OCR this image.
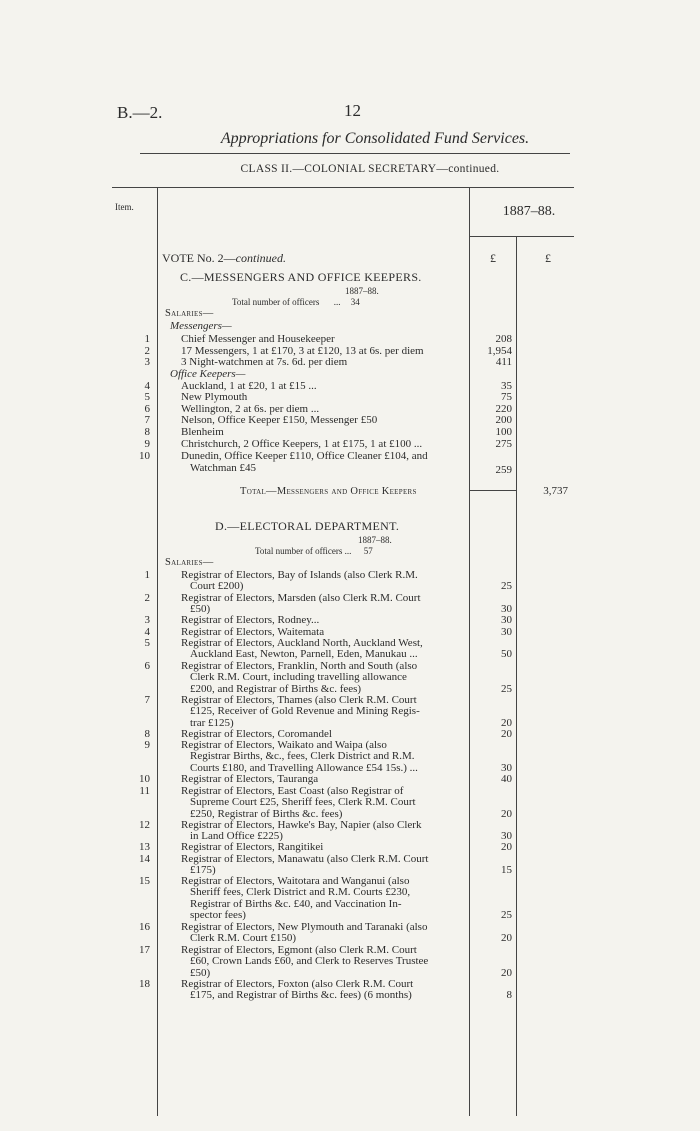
B.—2.	12
Appropriations for Consolidated Fund Services.
CLASS II.—COLONIAL SECRETARY—continued.
Item.	1887–88.
£	£
VOTE No. 2—continued.
C.—MESSENGERS AND OFFICE KEEPERS.
1887–88.
Total number of officers ... 34
Salaries—
Messengers—
Office Keepers—
1	Chief Messenger and Housekeeper	208
2	17 Messengers, 1 at £170, 3 at £120, 13 at 6s. per diem	1,954
3	3 Night-watchmen at 7s. 6d. per diem	411
4	Auckland, 1 at £20, 1 at £15 ...	35
5	New Plymouth	75
6	Wellington, 2 at 6s. per diem ...	220
7	Nelson, Office Keeper £150, Messenger £50	200
8	Blenheim	100
9	Christchurch, 2 Office Keepers, 1 at £175, 1 at £100 ...	275
10	Dunedin, Office Keeper £110, Office Cleaner £104, and
Watchman £45	259
Total—Messengers and Office Keepers	3,737
D.—ELECTORAL DEPARTMENT.
1887–88.
Total number of officers ... 57
Salaries—
1	Registrar of Electors, Bay of Islands (also Clerk R.M.
Court £200)	25
2	Registrar of Electors, Marsden (also Clerk R.M. Court
£50)	30
3	Registrar of Electors, Rodney...	30
4	Registrar of Electors, Waitemata	30
5	Registrar of Electors, Auckland North, Auckland West,
Auckland East, Newton, Parnell, Eden, Manukau ...	50
6	Registrar of Electors, Franklin, North and South (also
Clerk R.M. Court, including travelling allowance
£200, and Registrar of Births &c. fees)	25
7	Registrar of Electors, Thames (also Clerk R.M. Court
£125, Receiver of Gold Revenue and Mining Regis-
trar £125)	20
8	Registrar of Electors, Coromandel	20
9	Registrar of Electors, Waikato and Waipa (also
Registrar Births, &c., fees, Clerk District and R.M.
Courts £180, and Travelling Allowance £54 15s.) ...	30
10	Registrar of Electors, Tauranga	40
11	Registrar of Electors, East Coast (also Registrar of
Supreme Court £25, Sheriff fees, Clerk R.M. Court
£250, Registrar of Births &c. fees)	20
12	Registrar of Electors, Hawke's Bay, Napier (also Clerk
in Land Office £225)	30
13	Registrar of Electors, Rangitikei	20
14	Registrar of Electors, Manawatu (also Clerk R.M. Court
£175)	15
15	Registrar of Electors, Waitotara and Wanganui (also
Sheriff fees, Clerk District and R.M. Courts £230,
Registrar of Births &c. £40, and Vaccination In-
spector fees)	25
16	Registrar of Electors, New Plymouth and Taranaki (also
Clerk R.M. Court £150)	20
17	Registrar of Electors, Egmont (also Clerk R.M. Court
£60, Crown Lands £60, and Clerk to Reserves Trustee
£50)	20
18	Registrar of Electors, Foxton (also Clerk R.M. Court
£175, and Registrar of Births &c. fees) (6 months)	8
